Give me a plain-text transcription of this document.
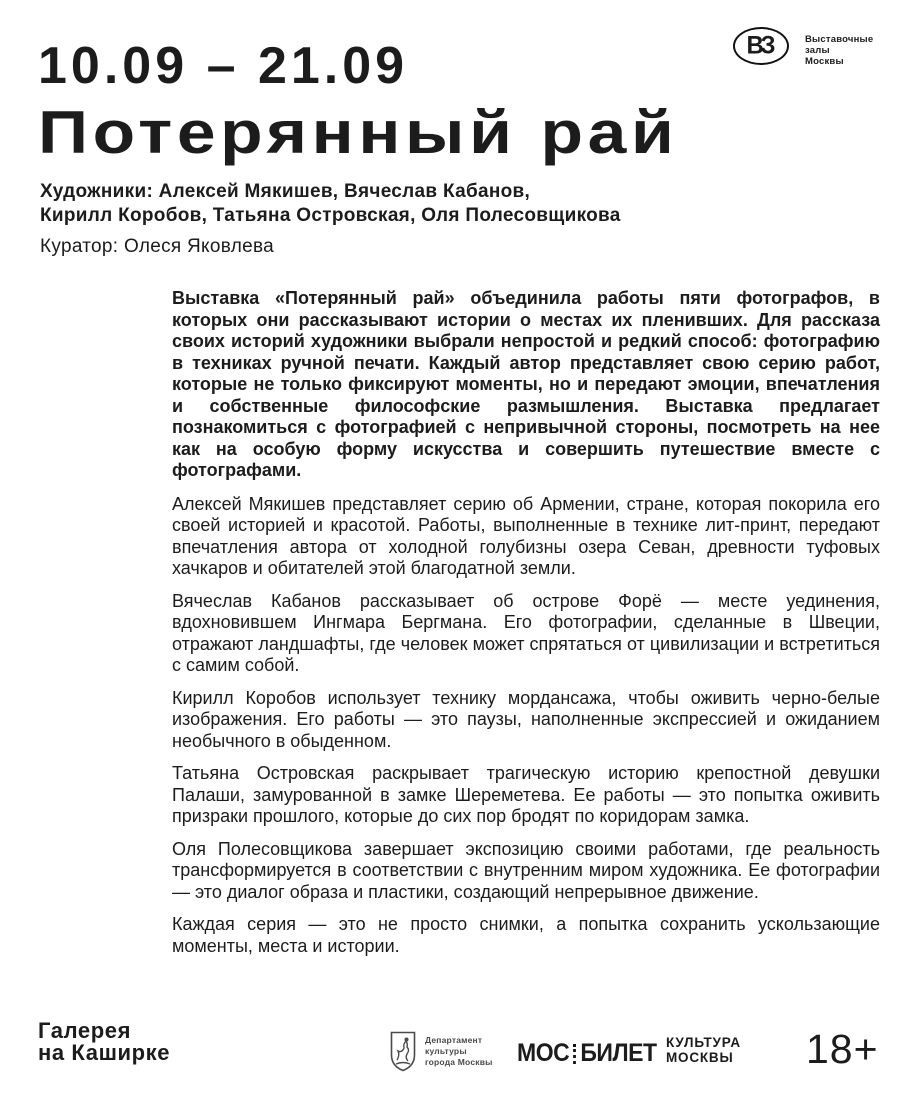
ВЗ	Выставочные
залы
Москвы
10.09 – 21.09
Потерянный рай

Художники: Алексей Мякишев, Вячеслав Кабанов,
Кирилл Коробов, Татьяна Островская, Оля Полесовщикова

Куратор: Олеся Яковлева

Выставка «Потерянный рай» объединила работы пяти фотографов, в которых они рассказывают истории о местах их пленивших. Для рассказа своих историй художники выбрали непростой и редкий способ: фотографию в техниках ручной печати. Каждый автор представляет свою серию работ, которые не только фиксируют моменты, но и передают эмоции, впечатления и собственные философские размышления. Выставка предлагает познакомиться с фотографией с непривычной стороны, посмотреть на нее как на особую форму искусства и совершить путешествие вместе с фотографами.

Алексей Мякишев представляет серию об Армении, стране, которая покорила его своей историей и красотой. Работы, выполненные в технике лит-принт, передают впечатления автора от холодной голубизны озера Севан, древности туфовых хачкаров и обитателей этой благодатной земли.

Вячеслав Кабанов рассказывает об острове Форё — месте уединения, вдохновившем Ингмара Бергмана. Его фотографии, сделанные в Швеции, отражают ландшафты, где человек может спрятаться от цивилизации и встретиться с самим собой.

Кирилл Коробов использует технику мордансажа, чтобы оживить черно-белые изображения. Его работы — это паузы, наполненные экспрессией и ожиданием необычного в обыденном.

Татьяна Островская раскрывает трагическую историю крепостной девушки Палаши, замурованной в замке Шереметева. Ее работы — это попытка оживить призраки прошлого, которые до сих пор бродят по коридорам замка.

Оля Полесовщикова завершает экспозицию своими работами, где реальность трансформируется в соответствии с внутренним миром художника. Ее фотографии — это диалог образа и пластики, создающий непрерывное движение.

Каждая серия — это не просто снимки, а попытка сохранить ускользающие моменты, места и истории.

Галерея
на Каширке	Департамент
культуры
города Москвы МОС БИЛЕТ КУЛЬТУРА
МОСКВЫ 18+
